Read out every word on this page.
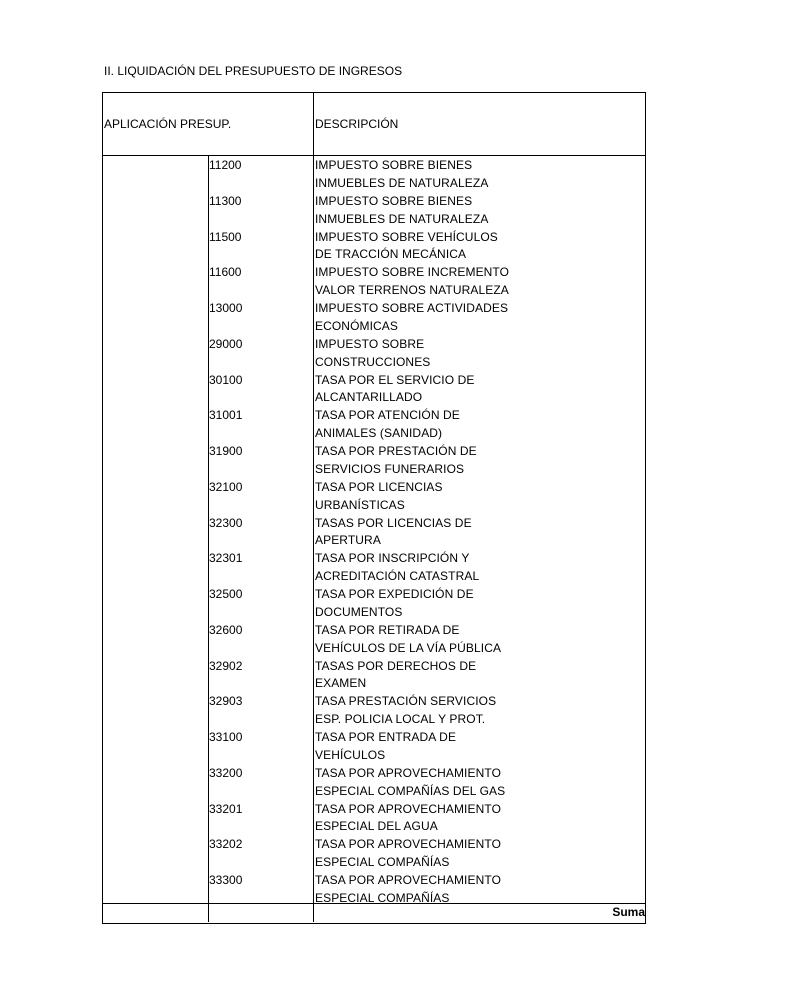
II. LIQUIDACIÓN DEL PRESUPUESTO DE INGRESOS
APLICACIÓN PRESUP.	DESCRIPCIÓN
11200	IMPUESTO SOBRE BIENES
INMUEBLES DE NATURALEZA
11300	IMPUESTO SOBRE BIENES
INMUEBLES DE NATURALEZA
11500	IMPUESTO SOBRE VEHÍCULOS
DE TRACCIÓN MECÁNICA
11600	IMPUESTO SOBRE INCREMENTO
VALOR TERRENOS NATURALEZA
13000	IMPUESTO SOBRE ACTIVIDADES
ECONÓMICAS
29000	IMPUESTO SOBRE
CONSTRUCCIONES
30100	TASA POR EL SERVICIO DE
ALCANTARILLADO
31001	TASA POR ATENCIÓN DE
ANIMALES (SANIDAD)
31900	TASA POR PRESTACIÓN DE
SERVICIOS FUNERARIOS
32100	TASA POR LICENCIAS
URBANÍSTICAS
32300	TASAS POR LICENCIAS DE
APERTURA
32301	TASA POR INSCRIPCIÓN Y
ACREDITACIÓN CATASTRAL
32500	TASA POR EXPEDICIÓN DE
DOCUMENTOS
32600	TASA POR RETIRADA DE
VEHÍCULOS DE LA VÍA PÚBLICA
32902	TASAS POR DERECHOS DE
EXAMEN
32903	TASA PRESTACIÓN SERVICIOS
ESP. POLICIA LOCAL Y PROT.
33100	TASA POR ENTRADA DE
VEHÍCULOS
33200	TASA POR APROVECHAMIENTO
ESPECIAL COMPAÑÍAS DEL GAS
33201	TASA POR APROVECHAMIENTO
ESPECIAL DEL AGUA
33202	TASA POR APROVECHAMIENTO
ESPECIAL COMPAÑÍAS
33300	TASA POR APROVECHAMIENTO
ESPECIAL COMPAÑÍAS
Suma
